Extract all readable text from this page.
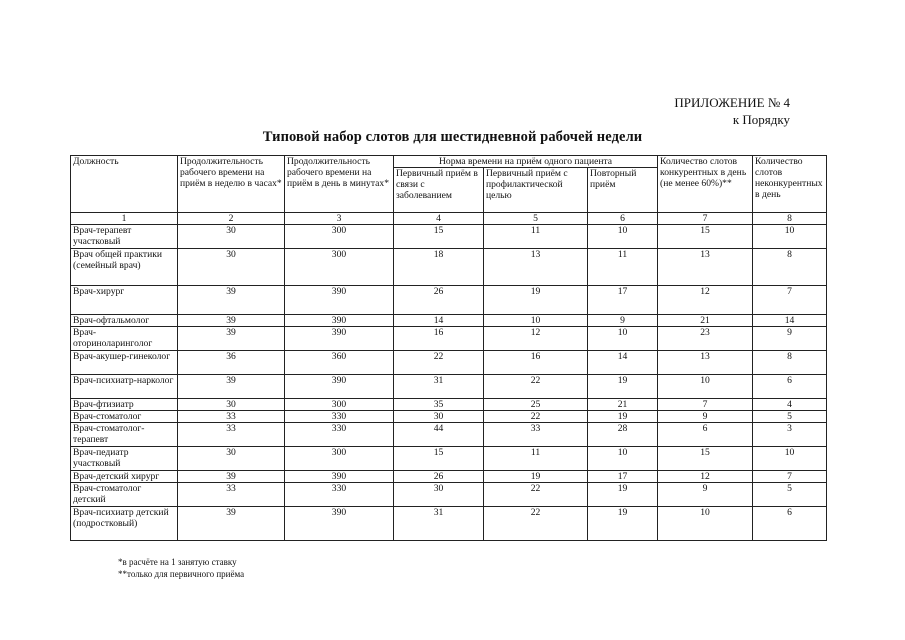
ПРИЛОЖЕНИЕ № 4
к Порядку
Типовой набор слотов для шестидневной рабочей недели
Должность	Продолжительность рабочего времени на приём в неделю в часах*	Продолжительность рабочего времени на приём в день в минутах*	Норма времени на приём одного пациента			Количество слотов конкурентных в день (не менее 60%)**	Количество слотов неконкурентных в день
			Первичный приём в связи с заболеванием	Первичный приём с профилактической целью	Повторный приём		
1	2	3	4	5	6	7	8
Врач-терапевт участковый	30	300	15	11	10	15	10
Врач общей практики (семейный врач)	30	300	18	13	11	13	8
Врач-хирург	39	390	26	19	17	12	7
Врач-офтальмолог	39	390	14	10	9	21	14
Врач-оториноларинголог	39	390	16	12	10	23	9
Врач-акушер-гинеколог	36	360	22	16	14	13	8
Врач-психиатр-нарколог	39	390	31	22	19	10	6
Врач-фтизиатр	30	300	35	25	21	7	4
Врач-стоматолог	33	330	30	22	19	9	5
Врач-стоматолог-терапевт	33	330	44	33	28	6	3
Врач-педиатр участковый	30	300	15	11	10	15	10
Врач-детский хирург	39	390	26	19	17	12	7
Врач-стоматолог детский	33	330	30	22	19	9	5
Врач-психиатр детский (подростковый)	39	390	31	22	19	10	6
*в расчёте на 1 занятую ставку
**только для первичного приёма
